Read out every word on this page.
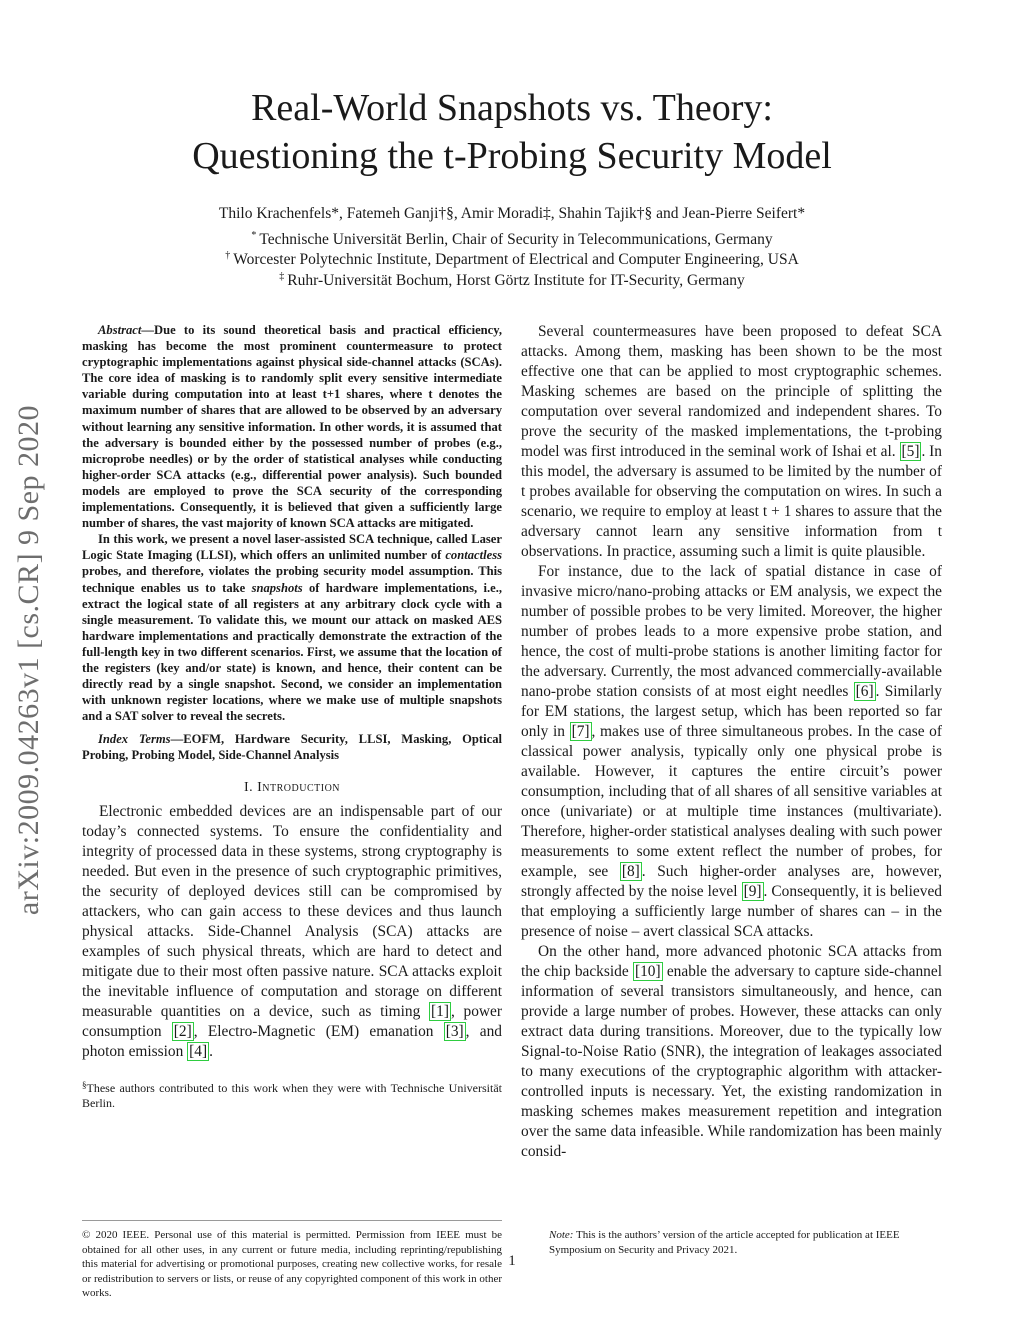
Real-World Snapshots vs. Theory:
Questioning the t-Probing Security Model
Thilo Krachenfels*, Fatemeh Ganji†§, Amir Moradi‡, Shahin Tajik†§ and Jean-Pierre Seifert*
* Technische Universität Berlin, Chair of Security in Telecommunications, Germany
† Worcester Polytechnic Institute, Department of Electrical and Computer Engineering, USA
‡ Ruhr-Universität Bochum, Horst Görtz Institute for IT-Security, Germany
arXiv:2009.04263v1 [cs.CR] 9 Sep 2020

Abstract—Due to its sound theoretical basis and practical efficiency, masking has become the most prominent countermeasure to protect cryptographic implementations against physical side-channel attacks (SCAs). The core idea of masking is to randomly split every sensitive intermediate variable during computation into at least t+1 shares, where t denotes the maximum number of shares that are allowed to be observed by an adversary without learning any sensitive information. In other words, it is assumed that the adversary is bounded either by the possessed number of probes (e.g., microprobe needles) or by the order of statistical analyses while conducting higher-order SCA attacks (e.g., differential power analysis). Such bounded models are employed to prove the SCA security of the corresponding implementations. Consequently, it is believed that given a sufficiently large number of shares, the vast majority of known SCA attacks are mitigated.

In this work, we present a novel laser-assisted SCA technique, called Laser Logic State Imaging (LLSI), which offers an unlimited number of contactless probes, and therefore, violates the probing security model assumption. This technique enables us to take snapshots of hardware implementations, i.e., extract the logical state of all registers at any arbitrary clock cycle with a single measurement. To validate this, we mount our attack on masked AES hardware implementations and practically demonstrate the extraction of the full-length key in two different scenarios. First, we assume that the location of the registers (key and/or state) is known, and hence, their content can be directly read by a single snapshot. Second, we consider an implementation with unknown register locations, where we make use of multiple snapshots and a SAT solver to reveal the secrets.

Index Terms—EOFM, Hardware Security, LLSI, Masking, Optical Probing, Probing Model, Side-Channel Analysis

I. Introduction

Electronic embedded devices are an indispensable part of our today’s connected systems. To ensure the confidentiality and integrity of processed data in these systems, strong cryptography is needed. But even in the presence of such cryptographic primitives, the security of deployed devices still can be compromised by attackers, who can gain access to these devices and thus launch physical attacks. Side-Channel Analysis (SCA) attacks are examples of such physical threats, which are hard to detect and mitigate due to their most often passive nature. SCA attacks exploit the inevitable influence of computation and storage on different measurable quantities on a device, such as timing [1] , power consumption [2] , Electro-Magnetic (EM) emanation [3] , and photon emission [4] .

§These authors contributed to this work when they were with Technische Universität Berlin.

Several countermeasures have been proposed to defeat SCA attacks. Among them, masking has been shown to be the most effective one that can be applied to most cryptographic schemes. Masking schemes are based on the principle of splitting the computation over several randomized and independent shares. To prove the security of the masked implementations, the t-probing model was first introduced in the seminal work of Ishai et al. [5] . In this model, the adversary is assumed to be limited by the number of t probes available for observing the computation on wires. In such a scenario, we require to employ at least t + 1 shares to assure that the adversary cannot learn any sensitive information from t observations. In practice, assuming such a limit is quite plausible.

For instance, due to the lack of spatial distance in case of invasive micro/nano-probing attacks or EM analysis, we expect the number of possible probes to be very limited. Moreover, the higher number of probes leads to a more expensive probe station, and hence, the cost of multi-probe stations is another limiting factor for the adversary. Currently, the most advanced commercially-available nano-probe station consists of at most eight needles [6] . Similarly for EM stations, the largest setup, which has been reported so far only in [7] , makes use of three simultaneous probes. In the case of classical power analysis, typically only one physical probe is available. However, it captures the entire circuit’s power consumption, including that of all shares of all sensitive variables at once (univariate) or at multiple time instances (multivariate). Therefore, higher-order statistical analyses dealing with such power measurements to some extent reflect the number of probes, for example, see [8] . Such higher-order analyses are, however, strongly affected by the noise level [9] . Consequently, it is believed that employing a sufficiently large number of shares can – in the presence of noise – avert classical SCA attacks.

On the other hand, more advanced photonic SCA attacks from the chip backside [10] enable the adversary to capture side-channel information of several transistors simultaneously, and hence, can provide a large number of probes. However, these attacks can only extract data during transitions. Moreover, due to the typically low Signal-to-Noise Ratio (SNR), the integration of leakages associated to many executions of the cryptographic algorithm with attacker-controlled inputs is necessary. Yet, the existing randomization in masking schemes makes measurement repetition and integration over the same data infeasible. While randomization has been mainly consid-

© 2020 IEEE. Personal use of this material is permitted. Permission from IEEE must be obtained for all other uses, in any current or future media, including reprinting/republishing this material for advertising or promotional purposes, creating new collective works, for resale or redistribution to servers or lists, or reuse of any copyrighted component of this work in other works.
1
Note: This is the authors’ version of the article accepted for publication at IEEE Symposium on Security and Privacy 2021.
